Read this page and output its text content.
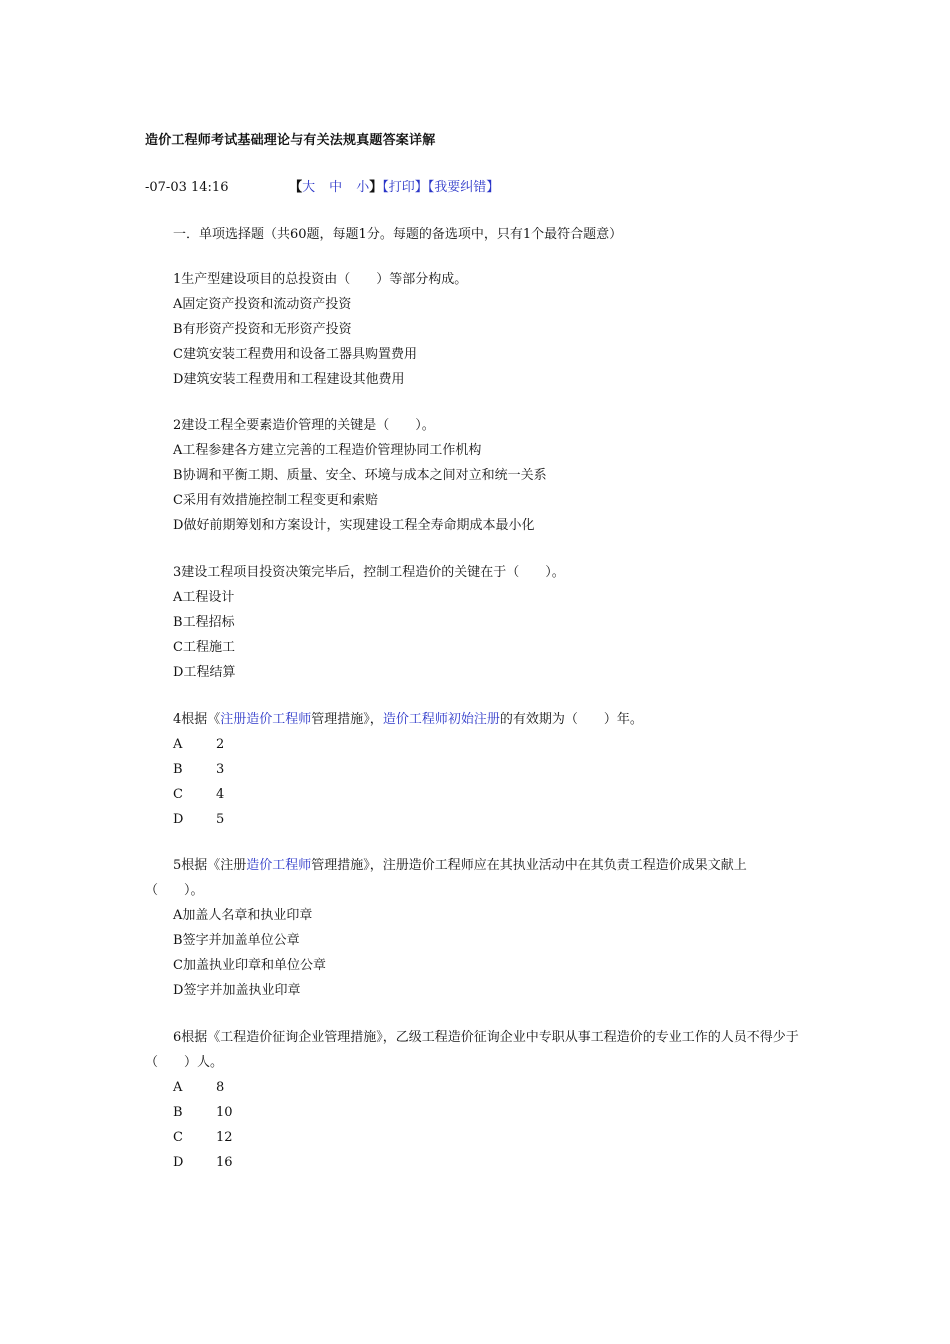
造价工程师考试基础理论与有关法规真题答案详解
-07-03 14:16	【大 中 小】【打印】【我要纠错】
一．单项选择题（共60题，每题1分。每题的备选项中，只有1个最符合题意）
1生产型建设项目的总投资由（　　）等部分构成。
A固定资产投资和流动资产投资
B有形资产投资和无形资产投资
C建筑安装工程费用和设备工器具购置费用
D建筑安装工程费用和工程建设其他费用
2建设工程全要素造价管理的关键是（　　）。
A工程参建各方建立完善的工程造价管理协同工作机构
B协调和平衡工期、质量、安全、环境与成本之间对立和统一关系
C采用有效措施控制工程变更和索赔
D做好前期筹划和方案设计，实现建设工程全寿命期成本最小化
3建设工程项目投资决策完毕后，控制工程造价的关键在于（　　）。
A工程设计
B工程招标
C工程施工
D工程结算
4根据《注册造价工程师管理措施》，造价工程师初始注册的有效期为（　　）年。
A	2
B	3
C	4
D	5
5根据《注册造价工程师管理措施》，注册造价工程师应在其执业活动中在其负责工程造价成果文献上（　　）。
A加盖人名章和执业印章
B签字并加盖单位公章
C加盖执业印章和单位公章
D签字并加盖执业印章
6根据《工程造价征询企业管理措施》，乙级工程造价征询企业中专职从事工程造价的专业工作的人员不得少于（　　）人。
A	8
B	10
C	12
D	16
